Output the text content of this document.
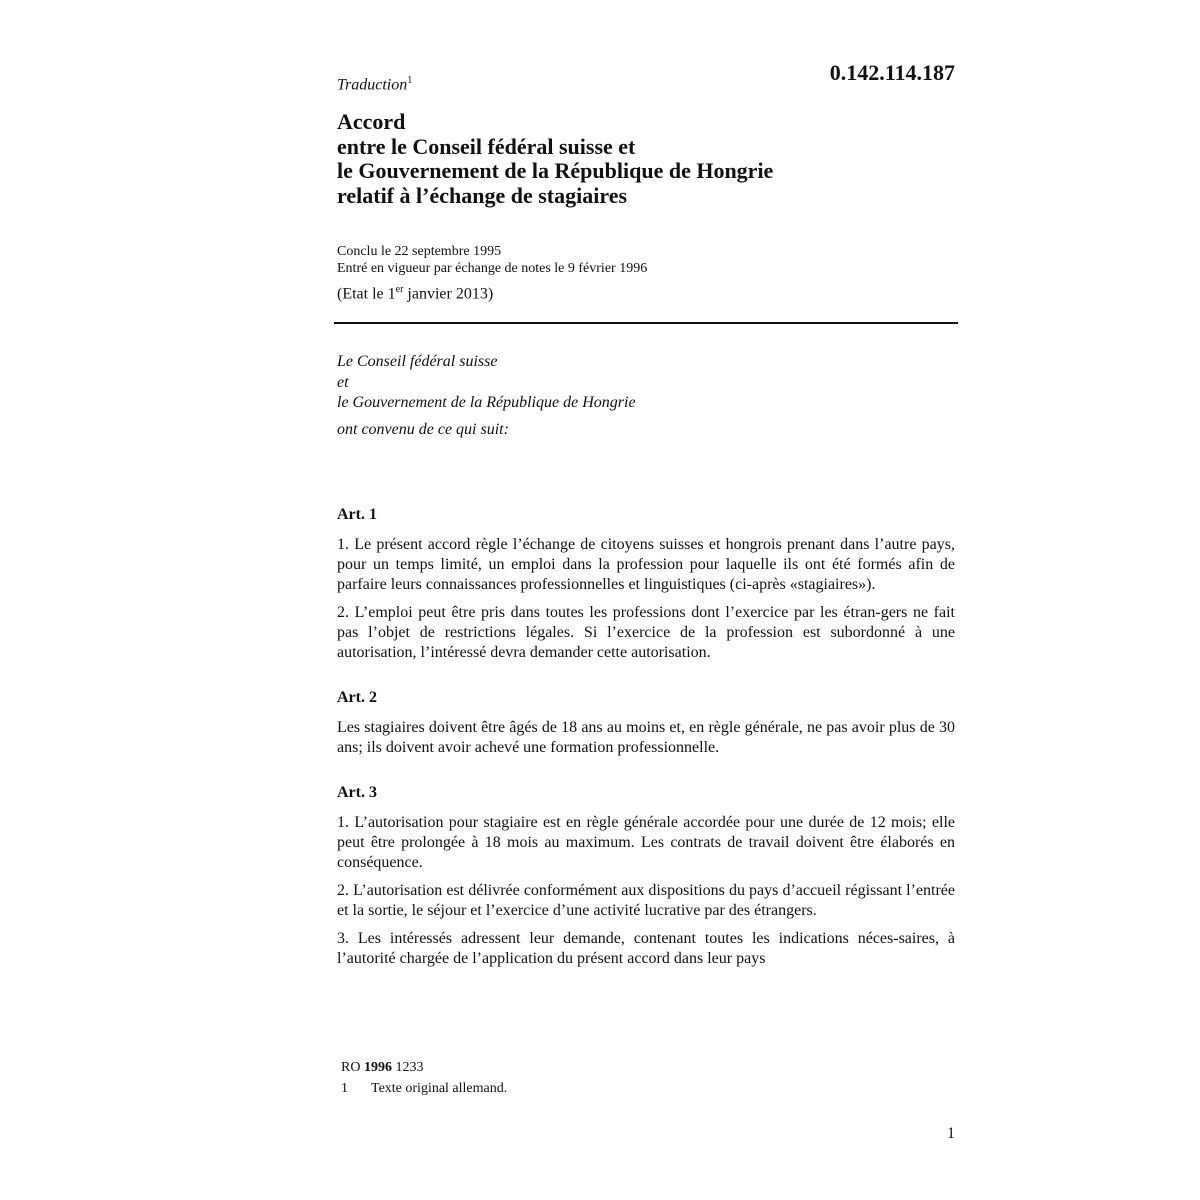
0.142.114.187
Traduction$^1$
Accord
entre le Conseil fédéral suisse et
le Gouvernement de la République de Hongrie
relatif à l’échange de stagiaires
Conclu le 22 septembre 1995
Entré en vigueur par échange de notes le 9 février 1996
(Etat le 1er janvier 2013)
Le Conseil fédéral suisse
et
le Gouvernement de la République de Hongrie
ont convenu de ce qui suit:
Art. 1
1. Le présent accord règle l’échange de citoyens suisses et hongrois prenant dans l’autre pays, pour un temps limité, un emploi dans la profession pour laquelle ils ont été formés afin de parfaire leurs connaissances professionnelles et linguistiques (ci-après «stagiaires»).
2. L’emploi peut être pris dans toutes les professions dont l’exercice par les étran-gers ne fait pas l’objet de restrictions légales. Si l’exercice de la profession est subordonné à une autorisation, l’intéressé devra demander cette autorisation.
Art. 2
Les stagiaires doivent être âgés de 18 ans au moins et, en règle générale, ne pas avoir plus de 30 ans; ils doivent avoir achevé une formation professionnelle.
Art. 3
1. L’autorisation pour stagiaire est en règle générale accordée pour une durée de 12 mois; elle peut être prolongée à 18 mois au maximum. Les contrats de travail doivent être élaborés en conséquence.
2. L’autorisation est délivrée conformément aux dispositions du pays d’accueil régissant l’entrée et la sortie, le séjour et l’exercice d’une activité lucrative par des étrangers.
3. Les intéressés adressent leur demande, contenant toutes les indications néces-saires, à l’autorité chargée de l’application du présent accord dans leur pays
RO 1996 1233
1 Texte original allemand.
1
